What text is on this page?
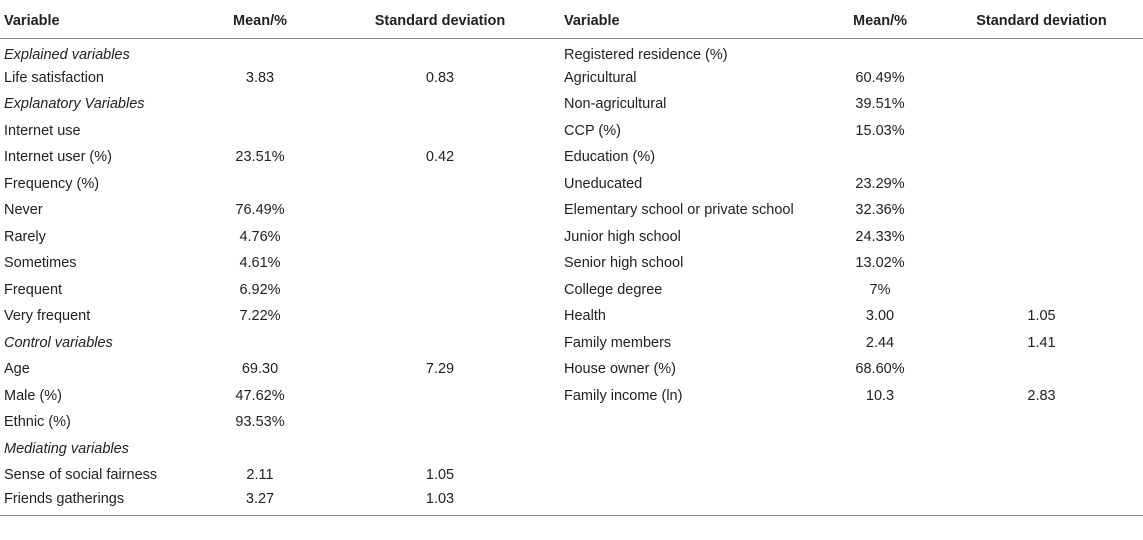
Variable	Mean/%	Standard deviation	Variable	Mean/%	Standard deviation
Explained variables			Registered residence (%)		
Life satisfaction	3.83	0.83	Agricultural	60.49%	
Explanatory Variables			Non-agricultural	39.51%	
Internet use			CCP (%)	15.03%	
Internet user (%)	23.51%	0.42	Education (%)		
Frequency (%)			Uneducated	23.29%	
Never	76.49%		Elementary school or private school	32.36%	
Rarely	4.76%		Junior high school	24.33%	
Sometimes	4.61%		Senior high school	13.02%	
Frequent	6.92%		College degree	7%	
Very frequent	7.22%		Health	3.00	1.05
Control variables			Family members	2.44	1.41
Age	69.30	7.29	House owner (%)	68.60%	
Male (%)	47.62%		Family income (ln)	10.3	2.83
Ethnic (%)	93.53%				
Mediating variables					
Sense of social fairness	2.11	1.05			
Friends gatherings	3.27	1.03			
